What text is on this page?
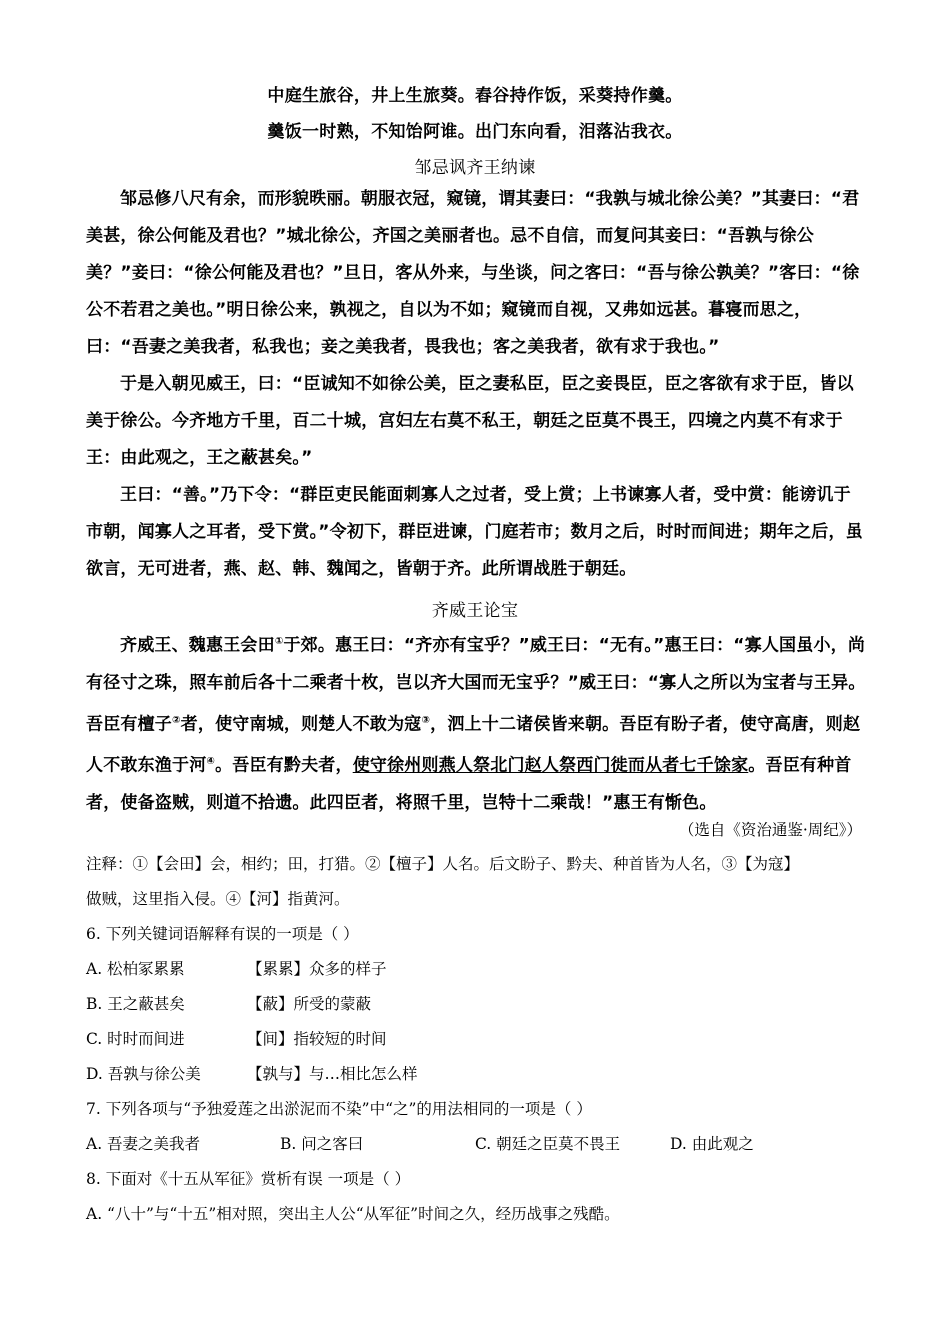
中庭生旅谷，井上生旅葵。舂谷持作饭，采葵持作羹。
羹饭一时熟，不知饴阿谁。出门东向看，泪落沾我衣。
邹忌讽齐王纳谏

邹忌修八尺有余，而形貌昳丽。朝服衣冠，窥镜，谓其妻曰：“我孰与城北徐公美？”其妻曰：“君美甚，徐公何能及君也？”城北徐公，齐国之美丽者也。忌不自信，而复问其妾曰：“吾孰与徐公美？”妾曰：“徐公何能及君也？”旦日，客从外来，与坐谈，问之客曰：“吾与徐公孰美？”客曰：“徐公不若君之美也。”明日徐公来，孰视之，自以为不如；窥镜而自视，又弗如远甚。暮寝而思之，曰：“吾妻之美我者，私我也；妾之美我者，畏我也；客之美我者，欲有求于我也。”

于是入朝见威王，曰：“臣诚知不如徐公美，臣之妻私臣，臣之妾畏臣，臣之客欲有求于臣，皆以美于徐公。今齐地方千里，百二十城，宫妇左右莫不私王，朝廷之臣莫不畏王，四境之内莫不有求于王：由此观之，王之蔽甚矣。”

王曰：“善。”乃下令：“群臣吏民能面刺寡人之过者，受上赏；上书谏寡人者，受中赏：能谤讥于市朝，闻寡人之耳者，受下赏。”令初下，群臣进谏，门庭若市；数月之后，时时而间进；期年之后，虽欲言，无可进者，燕、赵、韩、魏闻之，皆朝于齐。此所谓战胜于朝廷。

齐威王论宝

齐威王、魏惠王会田①于郊。惠王曰：“齐亦有宝乎？”威王曰：“无有。”惠王曰：“寡人国虽小，尚有径寸之珠，照车前后各十二乘者十枚，岂以齐大国而无宝乎？”威王曰：“寡人之所以为宝者与王异。吾臣有檀子②者，使守南城，则楚人不敢为寇③，泗上十二诸侯皆来朝。吾臣有盼子者，使守高唐，则赵人不敢东渔于河④。吾臣有黔夫者，使守徐州则燕人祭北门赵人祭西门徙而从者七千馀家。吾臣有种首者，使备盗贼，则道不拾遗。此四臣者，将照千里，岂特十二乘哉！”惠王有惭色。

（选自《资治通鉴·周纪》）
注释：①【会田】会，相约；田，打猎。②【檀子】人名。后文盼子、黔夫、种首皆为人名，③【为寇】
做贼，这里指入侵。④【河】指黄河。
6. 下列关键词语解释有误的一项是（ ）
A. 松柏冢累累	【累累】众多的样子
B. 王之蔽甚矣	【蔽】所受的蒙蔽
C. 时时而间进	【间】指较短的时间
D. 吾孰与徐公美	【孰与】与…相比怎么样
7. 下列各项与“予独爱莲之出淤泥而不染”中“之”的用法相同的一项是（ ）
A. 吾妻之美我者	B. 问之客曰	C. 朝廷之臣莫不畏王	D. 由此观之
8. 下面对《十五从军征》赏析有误 一项是（ ）
A. “八十”与“十五”相对照，突出主人公“从军征”时间之久，经历战事之残酷。
